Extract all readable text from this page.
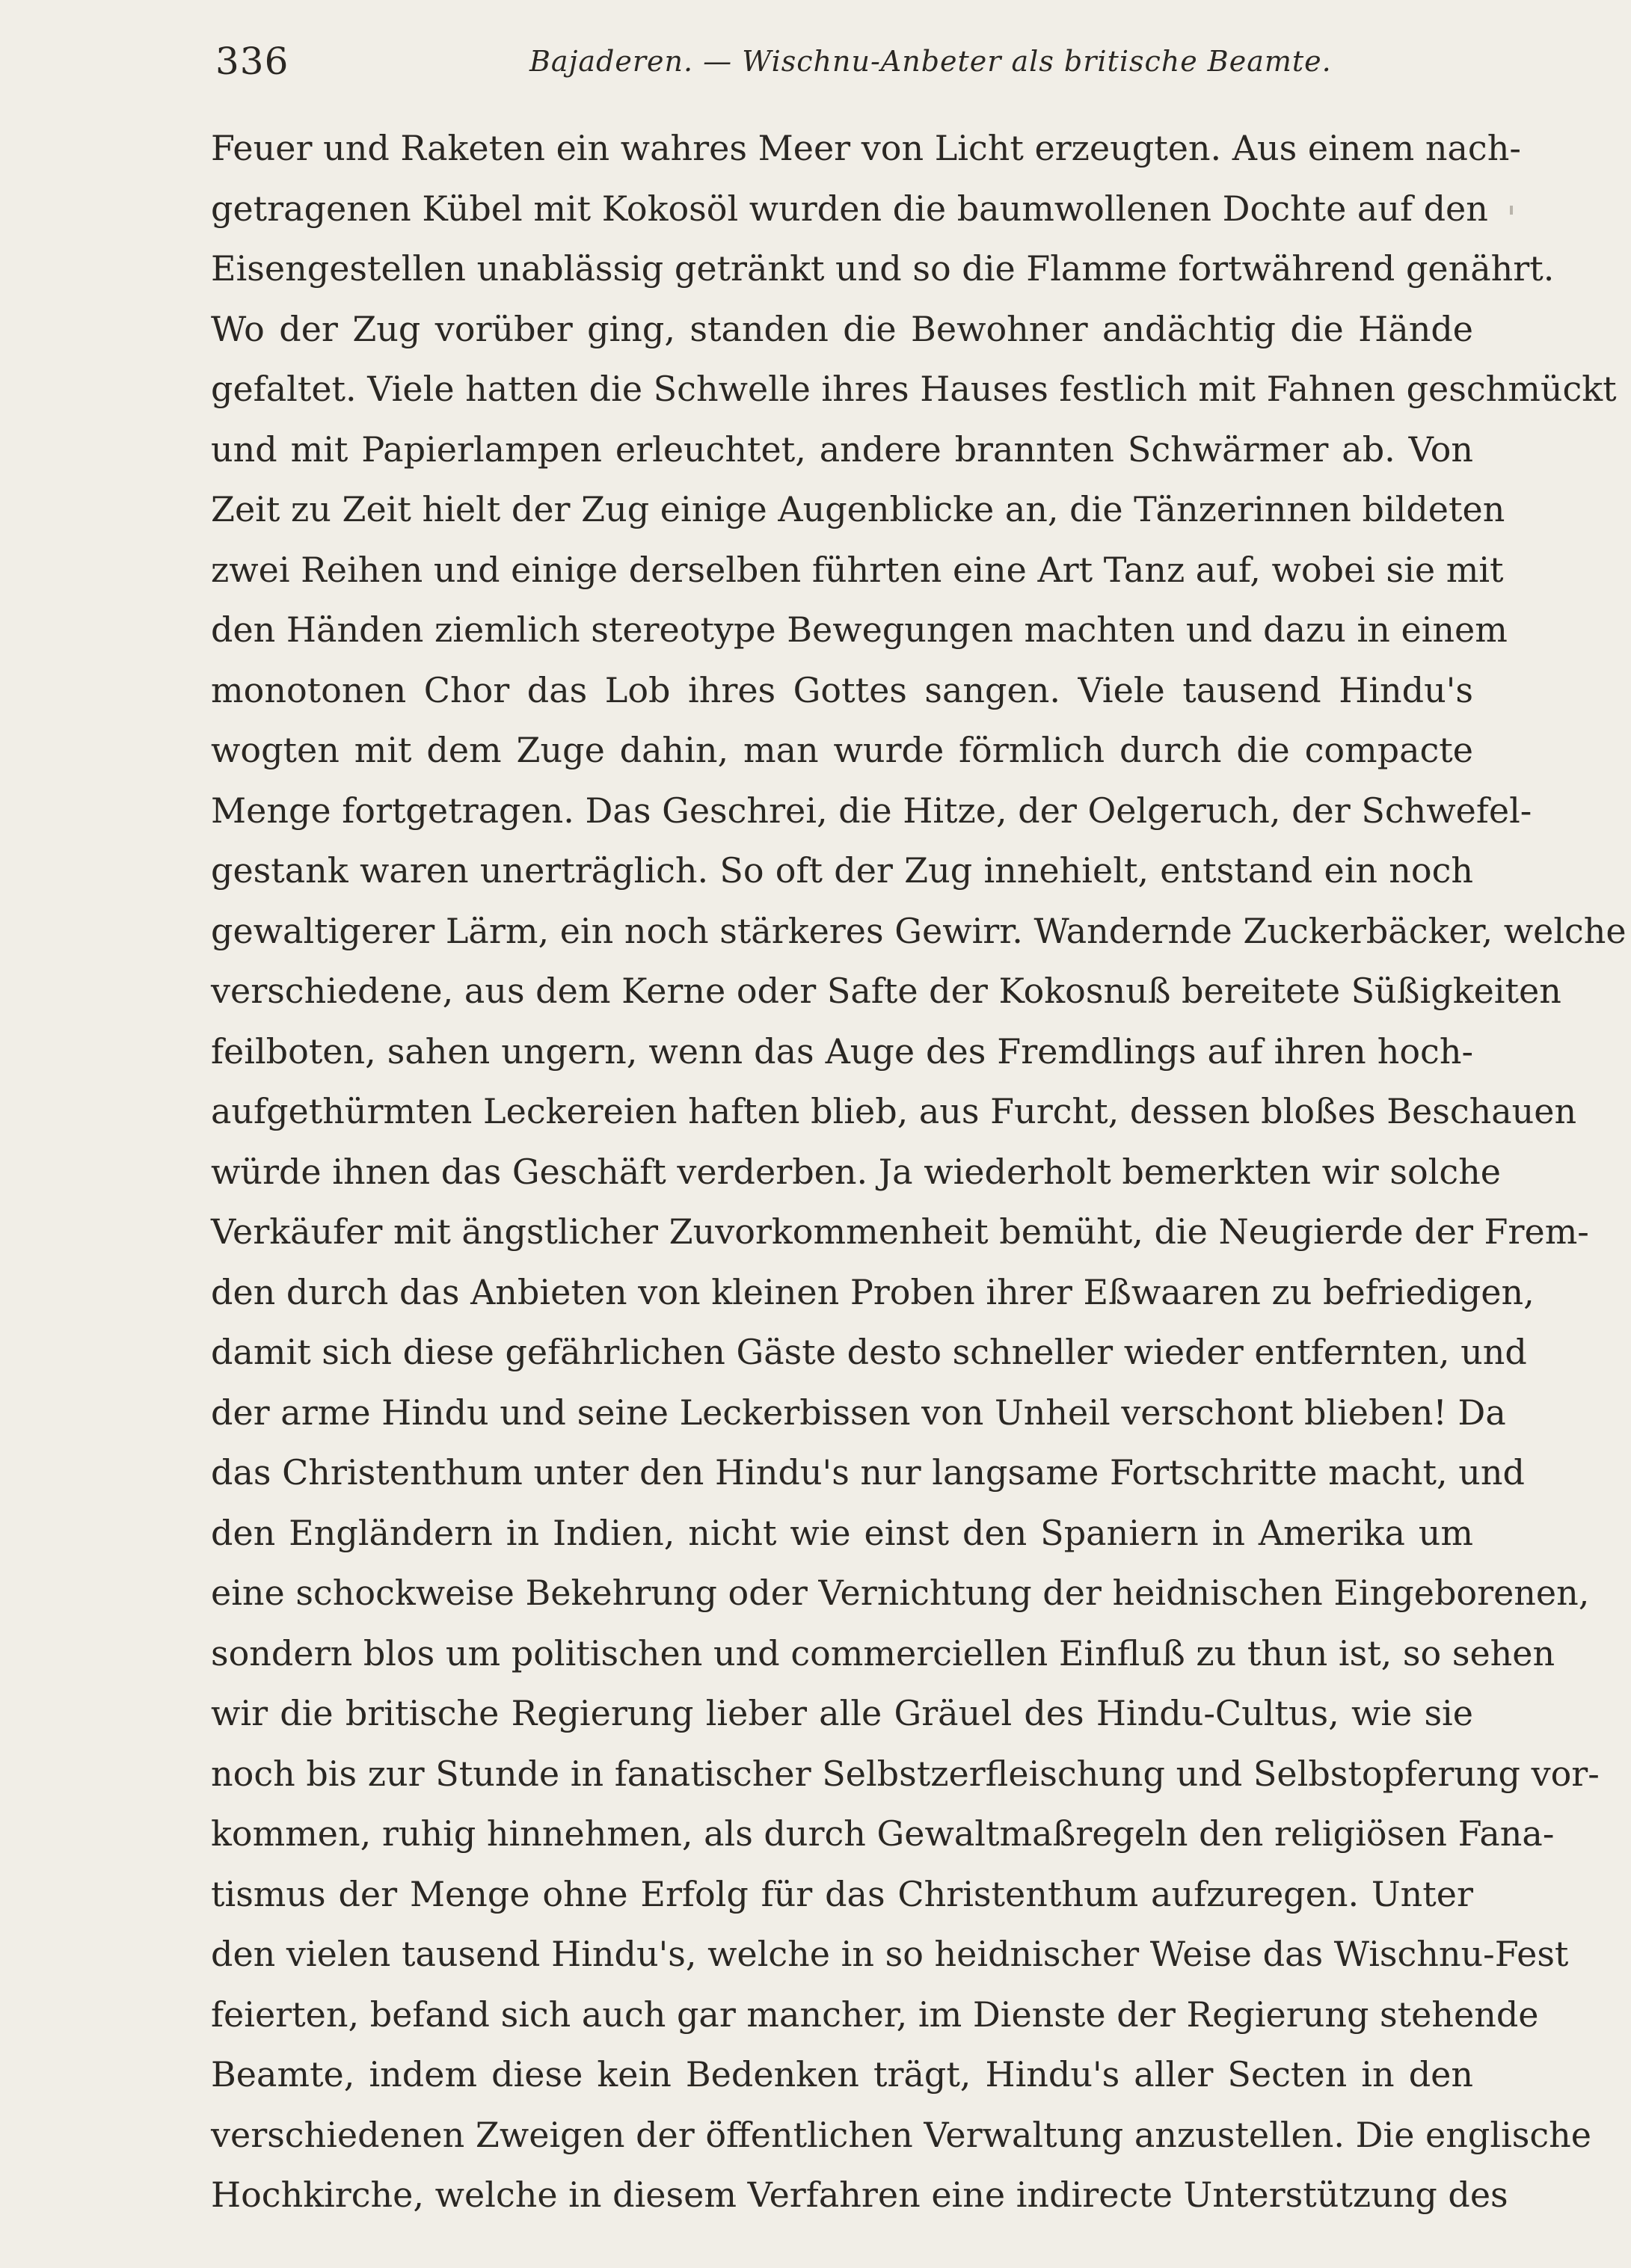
336	Bajaderen. — Wischnu-Anbeter als britische Beamte.
Feuer und Raketen ein wahres Meer von Licht erzeugten. Aus einem nach-
getragenen Kübel mit Kokosöl wurden die baumwollenen Dochte auf den
Eisengestellen unablässig getränkt und so die Flamme fortwährend genährt.
Wo der Zug vorüber ging, standen die Bewohner andächtig die Hände
gefaltet. Viele hatten die Schwelle ihres Hauses festlich mit Fahnen geschmückt
und mit Papierlampen erleuchtet, andere brannten Schwärmer ab. Von
Zeit zu Zeit hielt der Zug einige Augenblicke an, die Tänzerinnen bildeten
zwei Reihen und einige derselben führten eine Art Tanz auf, wobei sie mit
den Händen ziemlich stereotype Bewegungen machten und dazu in einem
monotonen Chor das Lob ihres Gottes sangen. Viele tausend Hindu's
wogten mit dem Zuge dahin, man wurde förmlich durch die compacte
Menge fortgetragen. Das Geschrei, die Hitze, der Oelgeruch, der Schwefel-
gestank waren unerträglich. So oft der Zug innehielt, entstand ein noch
gewaltigerer Lärm, ein noch stärkeres Gewirr. Wandernde Zuckerbäcker, welche
verschiedene, aus dem Kerne oder Safte der Kokosnuß bereitete Süßigkeiten
feilboten, sahen ungern, wenn das Auge des Fremdlings auf ihren hoch-
aufgethürmten Leckereien haften blieb, aus Furcht, dessen bloßes Beschauen
würde ihnen das Geschäft verderben. Ja wiederholt bemerkten wir solche
Verkäufer mit ängstlicher Zuvorkommenheit bemüht, die Neugierde der Frem-
den durch das Anbieten von kleinen Proben ihrer Eßwaaren zu befriedigen,
damit sich diese gefährlichen Gäste desto schneller wieder entfernten, und
der arme Hindu und seine Leckerbissen von Unheil verschont blieben! Da
das Christenthum unter den Hindu's nur langsame Fortschritte macht, und
den Engländern in Indien, nicht wie einst den Spaniern in Amerika um
eine schockweise Bekehrung oder Vernichtung der heidnischen Eingeborenen,
sondern blos um politischen und commerciellen Einfluß zu thun ist, so sehen
wir die britische Regierung lieber alle Gräuel des Hindu-Cultus, wie sie
noch bis zur Stunde in fanatischer Selbstzerfleischung und Selbstopferung vor-
kommen, ruhig hinnehmen, als durch Gewaltmaßregeln den religiösen Fana-
tismus der Menge ohne Erfolg für das Christenthum aufzuregen. Unter
den vielen tausend Hindu's, welche in so heidnischer Weise das Wischnu-Fest
feierten, befand sich auch gar mancher, im Dienste der Regierung stehende
Beamte, indem diese kein Bedenken trägt, Hindu's aller Secten in den
verschiedenen Zweigen der öffentlichen Verwaltung anzustellen. Die englische
Hochkirche, welche in diesem Verfahren eine indirecte Unterstützung des
